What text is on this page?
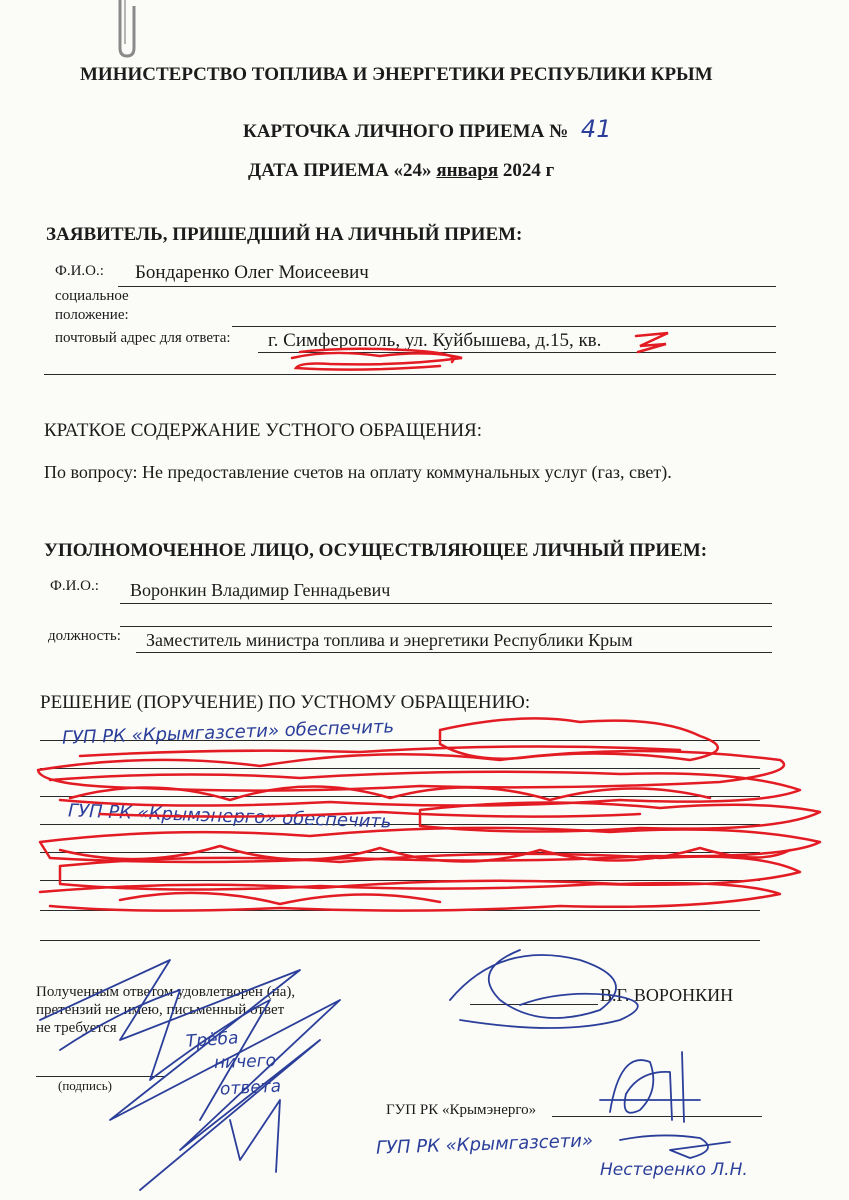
МИНИСТЕРСТВО ТОПЛИВА И ЭНЕРГЕТИКИ РЕСПУБЛИКИ КРЫМ
КАРТОЧКА ЛИЧНОГО ПРИЕМА № 41
ДАТА ПРИЕМА «24» января 2024 г
ЗАЯВИТЕЛЬ, ПРИШЕДШИЙ НА ЛИЧНЫЙ ПРИЕМ:
Ф.И.О.: Бондаренко Олег Моисеевич
социальное
положение:
почтовый адрес для ответа: г. Симферополь, ул. Куйбышева, д.15, кв.
КРАТКОЕ СОДЕРЖАНИЕ УСТНОГО ОБРАЩЕНИЯ:
По вопросу: Не предоставление счетов на оплату коммунальных услуг (газ, свет).
УПОЛНОМОЧЕННОЕ ЛИЦО, ОСУЩЕСТВЛЯЮЩЕЕ ЛИЧНЫЙ ПРИЕМ:
Ф.И.О.: Воронкин Владимир Геннадьевич
должность: Заместитель министра топлива и энергетики Республики Крым
РЕШЕНИЕ (ПОРУЧЕНИЕ) ПО УСТНОМУ ОБРАЩЕНИЮ:
ГУП РК «Крымгазсети» обеспечить
ГУП РК «Крымэнерго» обеспечить
Полученным ответом удовлетворен (на),
претензий не имею, письменный ответ
не требуется
(подпись)
В.Г. ВОРОНКИН
ГУП РК «Крымэнерго»
Трёба
ничего
ответа
ГУП РК «Крымгазсети»
Нестеренко Л.Н.
